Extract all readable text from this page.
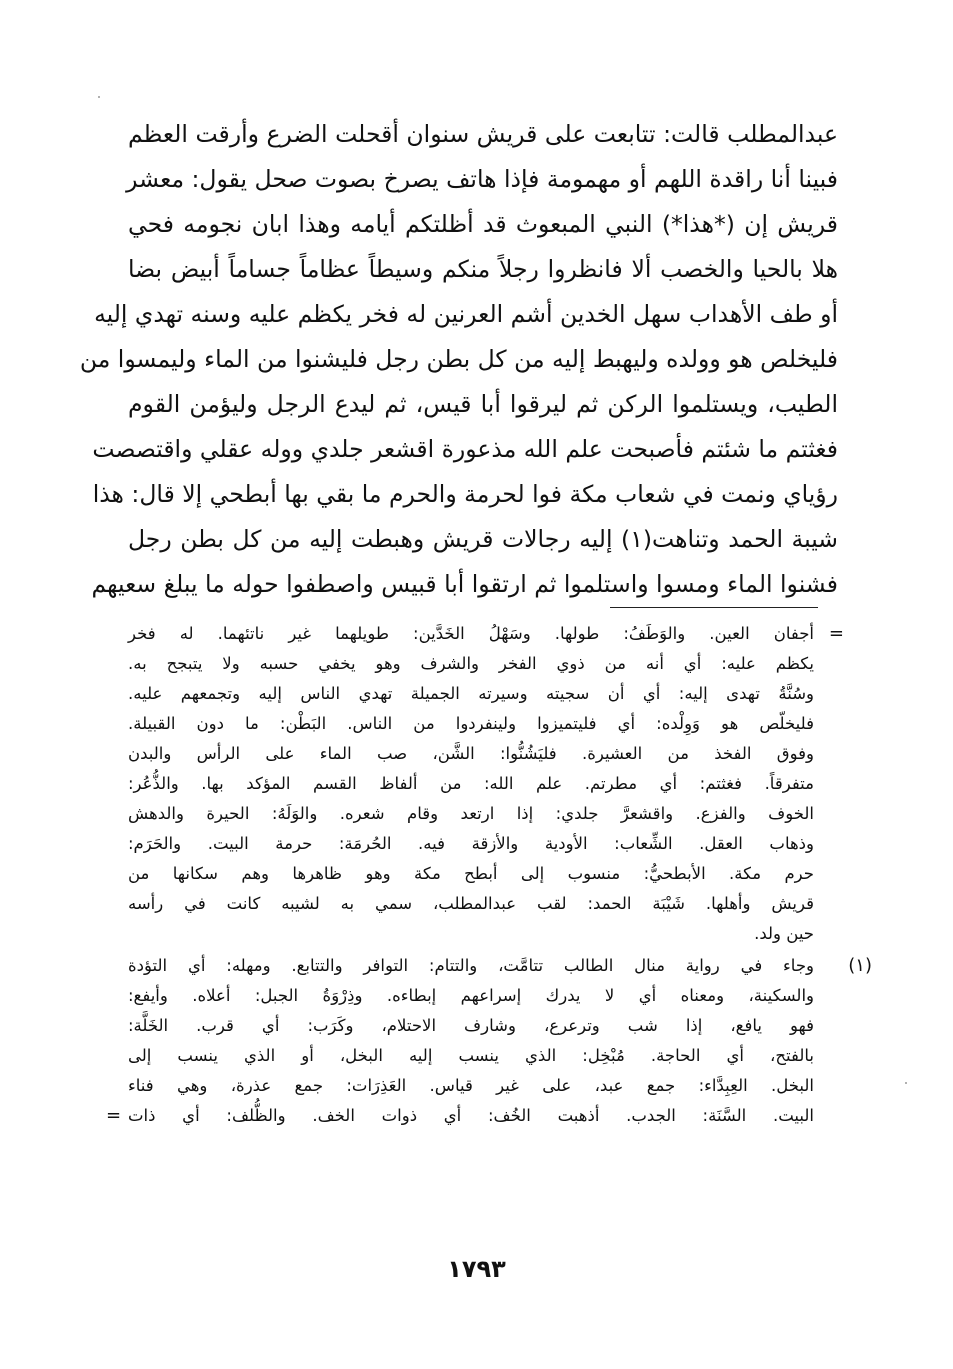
عبدالمطلب قالت: تتابعت على قريش سنوان أقحلت الضرع وأرقت العظم
فبينا أنا راقدة اللهم أو مهمومة فإذا هاتف يصرخ بصوت صحل يقول: معشر
قريش إن (*هذا*) النبي المبعوث قد أظلتكم أيامه وهذا ابان نجومه فحي
هلا بالحيا والخصب ألا فانظروا رجلاً منكم وسيطاً عظاماً جساماً أبيض بضا
أو طف الأهداب سهل الخدين أشم العرنين له فخر يكظم عليه وسنه تهدي إليه
فليخلص هو وولده وليهبط إليه من كل بطن رجل فليشنوا من الماء وليمسوا من
الطيب، ويستلموا الركن ثم ليرقوا أبا قيس، ثم ليدع الرجل وليؤمن القوم
فغثتم ما شئتم فأصبحت علم الله مذعورة اقشعر جلدي ووله عقلي واقتصصت
رؤياي ونمت في شعاب مكة فوا لحرمة والحرم ما بقي بها أبطحي إلا قال: هذا
شيبة الحمد وتناهت(١) إليه رجالات قريش وهبطت إليه من كل بطن رجل
فشنوا الماء ومسوا واستلموا ثم ارتقوا أبا قبيس واصطفوا حوله ما يبلغ سعيهم
=
أجفان العين. والوَطَفُ: طولها. وسَهْلُ الخَدَّين: طويلهما غير ناتئهما. له فخر
يكظم عليه: أي أنه من ذوي الفخر والشرف وهو يخفي حسبه ولا يتبجح به.
وسُنَّةُ تهدى إليه: أي أن سجيته وسيرته الجميلة تهدي الناس إليه وتجمعهم عليه.
فليخلّص هو وَوِلْده: أي فليتميزوا ولينفردوا من الناس. البَطْن: ما دون القبيلة.
وفوق الفخذ من العشيرة. فليَشُنُّوا: الشَّن، صب الماء على الرأس والبدن
متفرقاً. فغثتم: أي مطرتم. علم الله: من ألفاظ القسم المؤكد بها. والذُّعُر:
الخوف والفزع. واقشعرَّ جلدي: إذا ارتعد وقام شعره. والوَلَهُ: الحيرة والدهش
وذهاب العقل. الشِّعاب: الأودية والأزقة فيه. الحُرمَة: حرمة البيت. والحَرَم:
حرم مكة. الأبطحيُّ: منسوب إلى أبطح مكة وهو ظاهرها وهم سكانها من
قريش وأهلها. شَيْبَة الحمد: لقب عبدالمطلب، سمي به لشيبه كانت في رأسه
حين ولد.
(١)
وجاء في رواية منال الطالب تتامَّت، والتتام: التوافر والتتابع. ومهله: أي التؤدة
والسكينة، ومعناه أي لا يدرك إسراعهم إبطاءه. وذِرْوَةُ الجبل: أعلاه. وأيفع:
فهو يافع، إذا شب وترعرع، وشارف الاحتلام، وكَرَب: أي قرب. الخَلَّة:
بالفتح، أي الحاجة. مُبْخِل: الذي ينسب إليه البخل، أو الذي ينسب إلى
البخل. العِبِدَّاء: جمع عبد، على غير قياس. العَذِرَات: جمع عذرة، وهي فناء
البيت. السَّنَة: الجدب. أذهبت الخُف: أي ذوات الخف. والظُّلف: أي ذات
=
١٧٩٣
